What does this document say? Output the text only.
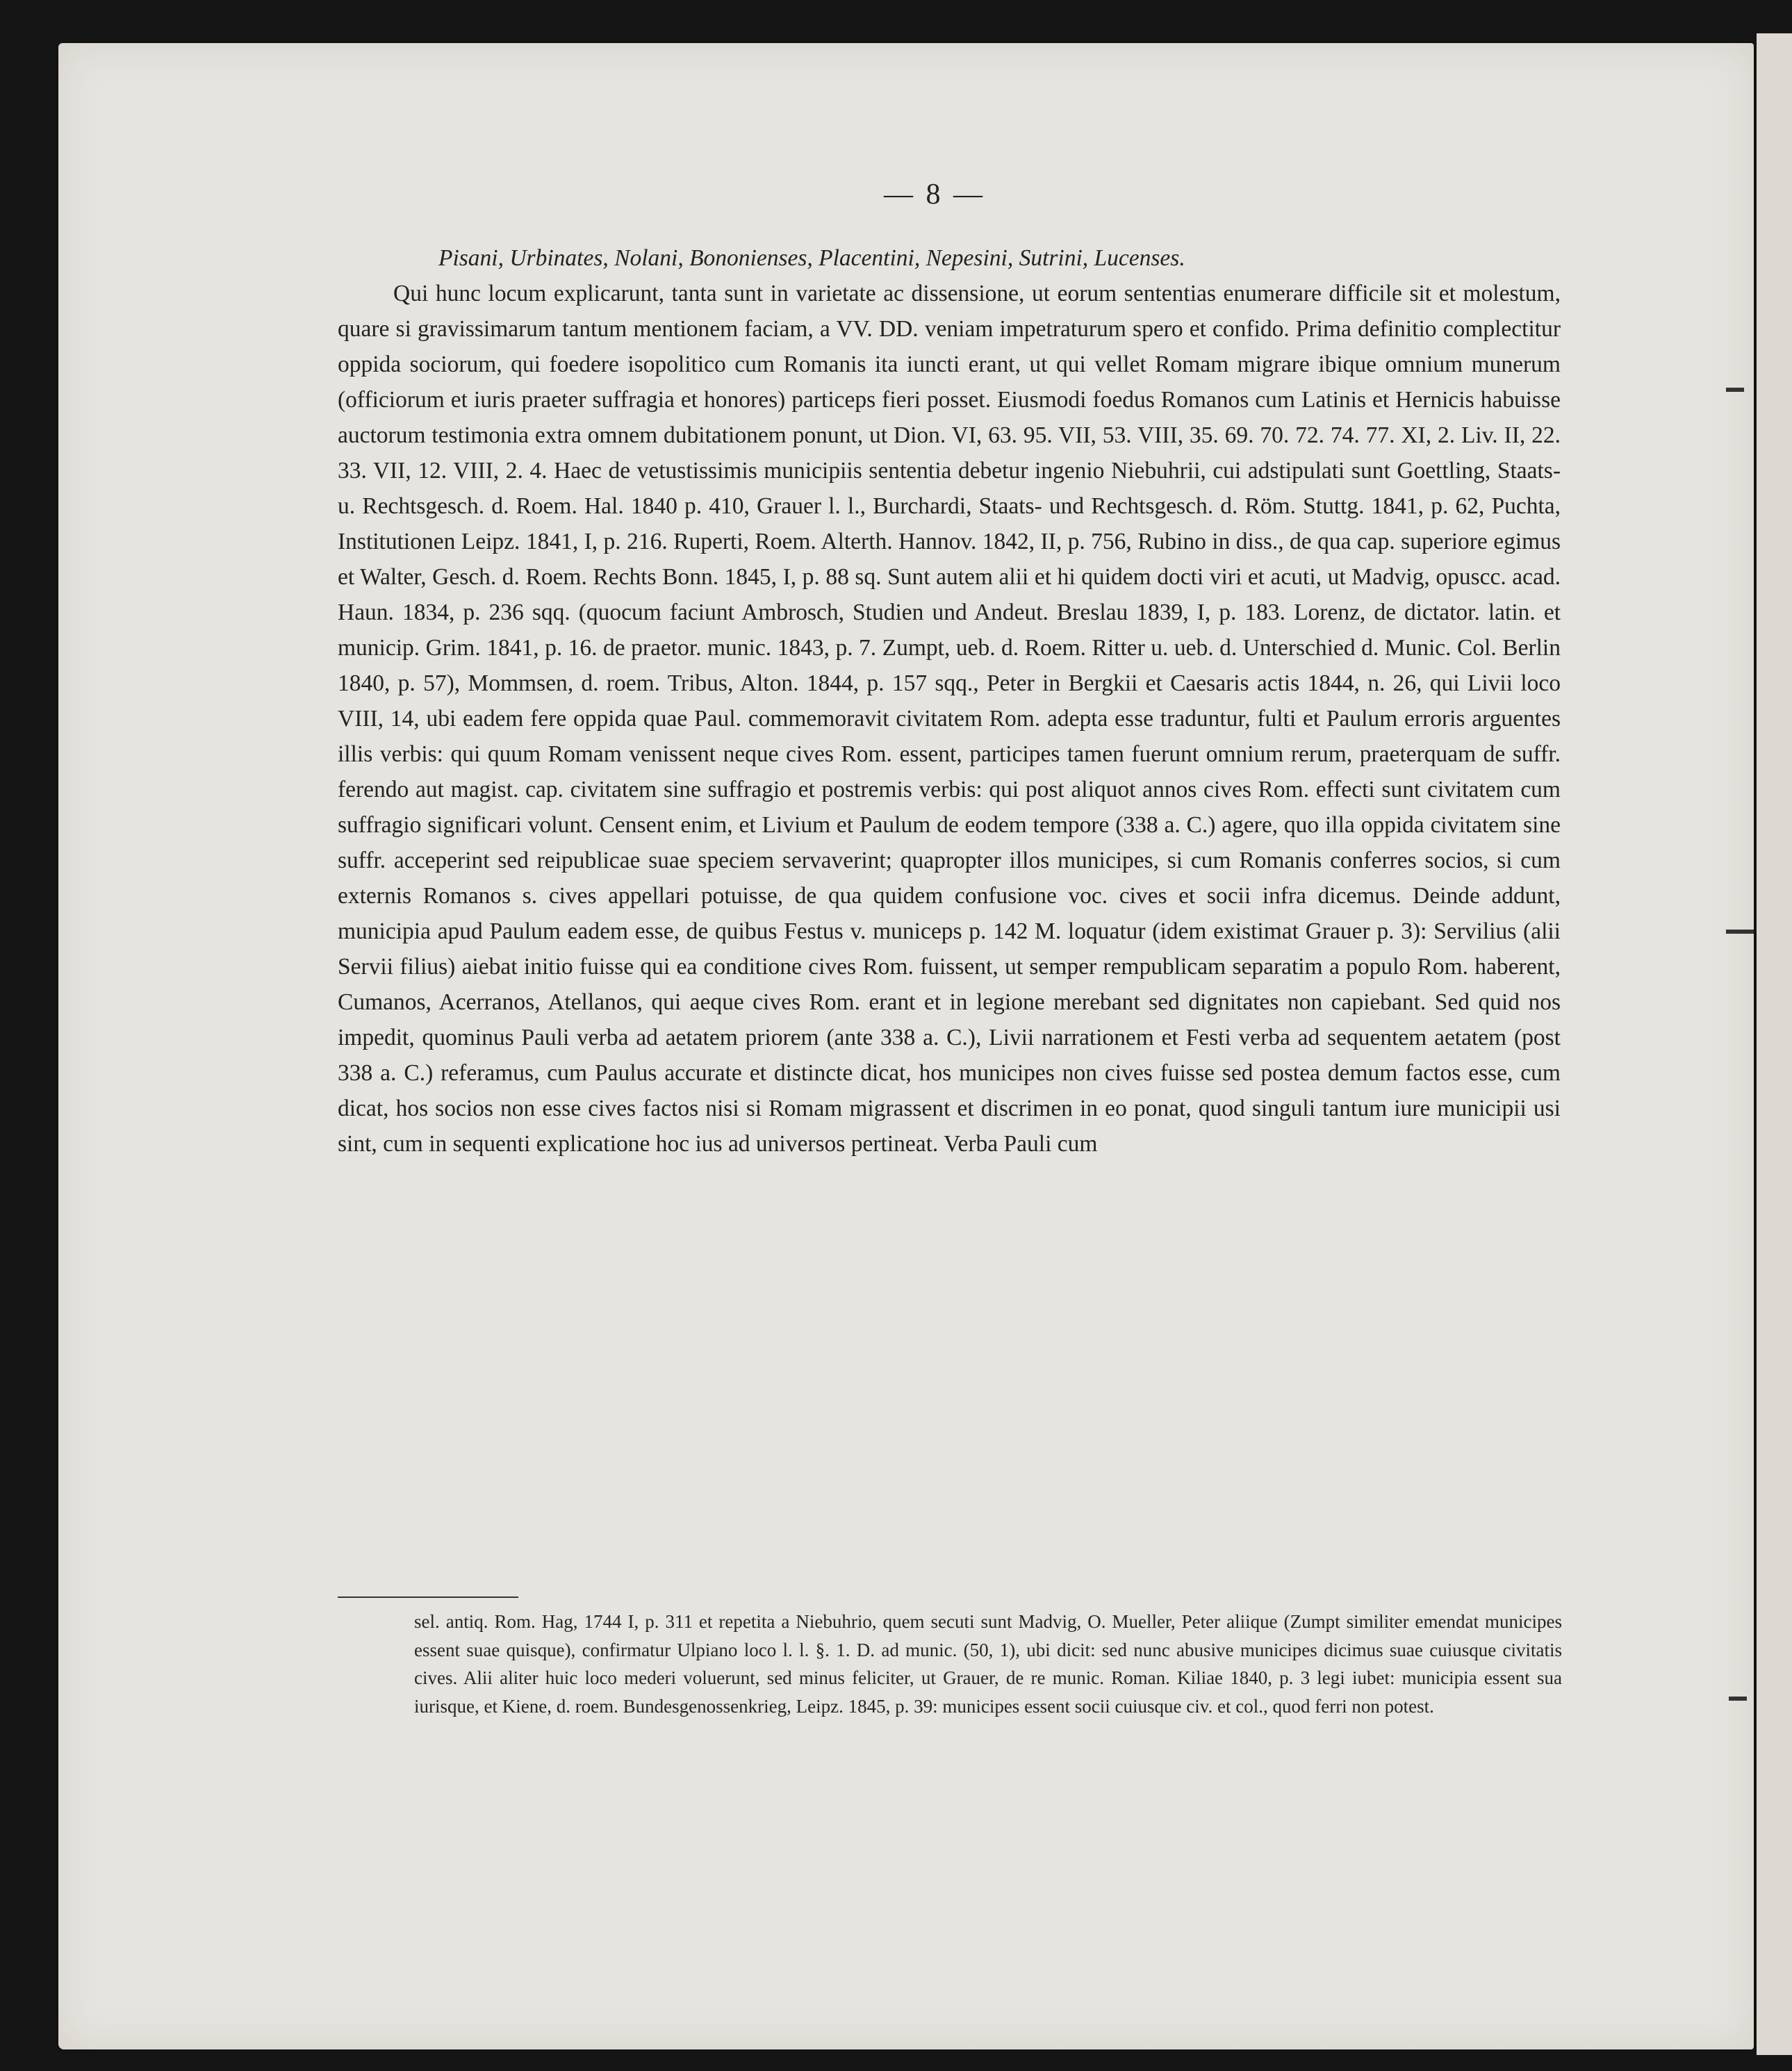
— 8 —

Pisani, Urbinates, Nolani, Bononienses, Placentini, Nepesini, Sutrini, Lucenses.

Qui hunc locum explicarunt, tanta sunt in varietate ac dissensione, ut eorum sententias enumerare difficile sit et molestum, quare si gravissimarum tantum mentionem faciam, a VV. DD. veniam impetraturum spero et confido. Prima definitio complectitur oppida sociorum, qui foedere isopolitico cum Romanis ita iuncti erant, ut qui vellet Romam migrare ibique omnium munerum (officiorum et iuris praeter suffragia et honores) particeps fieri posset. Eiusmodi foedus Romanos cum Latinis et Hernicis habuisse auctorum testimonia extra omnem dubitationem ponunt, ut Dion. VI, 63. 95. VII, 53. VIII, 35. 69. 70. 72. 74. 77. XI, 2. Liv. II, 22. 33. VII, 12. VIII, 2. 4. Haec de vetustissimis municipiis sententia debetur ingenio Niebuhrii, cui adstipulati sunt Goettling, Staats- u. Rechtsgesch. d. Roem. Hal. 1840 p. 410, Grauer l. l., Burchardi, Staats- und Rechtsgesch. d. Röm. Stuttg. 1841, p. 62, Puchta, Institutionen Leipz. 1841, I, p. 216. Ruperti, Roem. Alterth. Hannov. 1842, II, p. 756, Rubino in diss., de qua cap. superiore egimus et Walter, Gesch. d. Roem. Rechts Bonn. 1845, I, p. 88 sq. Sunt autem alii et hi quidem docti viri et acuti, ut Madvig, opuscc. acad. Haun. 1834, p. 236 sqq. (quocum faciunt Ambrosch, Studien und Andeut. Breslau 1839, I, p. 183. Lorenz, de dictator. latin. et municip. Grim. 1841, p. 16. de praetor. munic. 1843, p. 7. Zumpt, ueb. d. Roem. Ritter u. ueb. d. Unterschied d. Munic. Col. Berlin 1840, p. 57), Mommsen, d. roem. Tribus, Alton. 1844, p. 157 sqq., Peter in Bergkii et Caesaris actis 1844, n. 26, qui Livii loco VIII, 14, ubi eadem fere oppida quae Paul. commemoravit civitatem Rom. adepta esse traduntur, fulti et Paulum erroris arguentes illis verbis: qui quum Romam venissent neque cives Rom. essent, participes tamen fuerunt omnium rerum, praeterquam de suffr. ferendo aut magist. cap. civitatem sine suffragio et postremis verbis: qui post aliquot annos cives Rom. effecti sunt civitatem cum suffragio significari volunt. Censent enim, et Livium et Paulum de eodem tempore (338 a. C.) agere, quo illa oppida civitatem sine suffr. acceperint sed reipublicae suae speciem servaverint; quapropter illos municipes, si cum Romanis conferres socios, si cum externis Romanos s. cives appellari potuisse, de qua quidem confusione voc. cives et socii infra dicemus. Deinde addunt, municipia apud Paulum eadem esse, de quibus Festus v. municeps p. 142 M. loquatur (idem existimat Grauer p. 3): Servilius (alii Servii filius) aiebat initio fuisse qui ea conditione cives Rom. fuissent, ut semper rempublicam separatim a populo Rom. haberent, Cumanos, Acerranos, Atellanos, qui aeque cives Rom. erant et in legione merebant sed dignitates non capiebant. Sed quid nos impedit, quominus Pauli verba ad aetatem priorem (ante 338 a. C.), Livii narrationem et Festi verba ad sequentem aetatem (post 338 a. C.) referamus, cum Paulus accurate et distincte dicat, hos municipes non cives fuisse sed postea demum factos esse, cum dicat, hos socios non esse cives factos nisi si Romam migrassent et discrimen in eo ponat, quod singuli tantum iure municipii usi sint, cum in sequenti explicatione hoc ius ad universos pertineat. Verba Pauli cum

sel. antiq. Rom. Hag, 1744 I, p. 311 et repetita a Niebuhrio, quem secuti sunt Madvig, O. Mueller, Peter aliique (Zumpt similiter emendat municipes essent suae quisque), confirmatur Ulpiano loco l. l. §. 1. D. ad munic. (50, 1), ubi dicit: sed nunc abusive municipes dicimus suae cuiusque civitatis cives. Alii aliter huic loco mederi voluerunt, sed minus feliciter, ut Grauer, de re munic. Roman. Kiliae 1840, p. 3 legi iubet: municipia essent sua iurisque, et Kiene, d. roem. Bundesgenossenkrieg, Leipz. 1845, p. 39: municipes essent socii cuiusque civ. et col., quod ferri non potest.
